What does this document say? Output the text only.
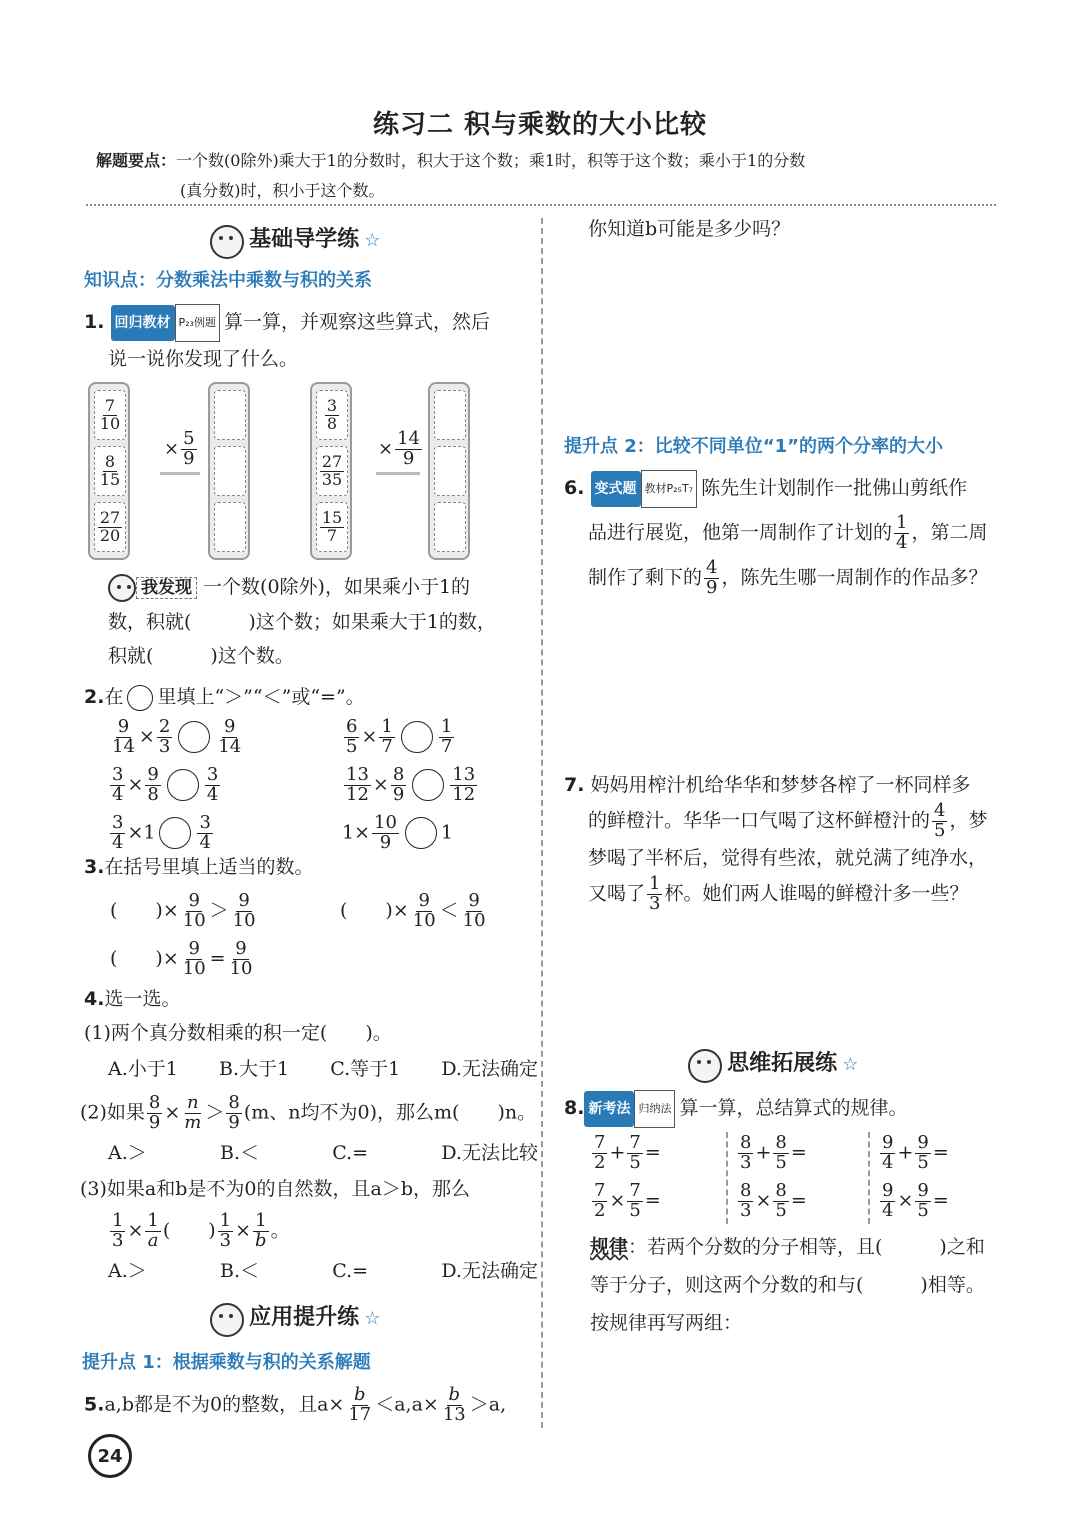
练习二 积与乘数的大小比较
解题要点：一个数(0除外)乘大于1的分数时，积大于这个数；乘1时，积等于这个数；乘小于1的分数
(真分数)时，积小于这个数。
基础导学练 ☆
知识点：分数乘法中乘数与积的关系
1. 回归教材 P₂₃例题 算一算，并观察这些算式，然后
说一说你发现了什么。
$\frac{7}{10}$
$\frac{8}{15}$
$\frac{27}{20}$
× $\frac{5}{9}$
$\frac{3}{8}$
$\frac{27}{35}$
$\frac{15}{7}$
× $\frac{14}{9}$
我发现 一个数(0除外)，如果乘小于1的
数，积就(　　　)这个数；如果乘大于1的数，
积就(　　　)这个数。
2.在 里填上“＞”“＜”或“=”。
$\frac{9}{14} \times \frac{2}{3} \frac{9}{14}$	$\frac{6}{5} \times \frac{1}{7} \frac{1}{7}$
$\frac{3}{4} \times \frac{9}{8} \frac{3}{4}$	$\frac{13}{12} \times \frac{8}{9} \frac{13}{12}$
$\frac{3}{4} \times 1 \frac{3}{4}$	$1\times \frac{10}{9} 1$
3.在括号里填上适当的数。
(　　)× $\frac{9}{10} > \frac{9}{10}$	(　　)× $\frac{9}{10} < \frac{9}{10}$
(　　)× $\frac{9}{10} = \frac{9}{10}$
4.选一选。
(1)两个真分数相乘的积一定(　　)。
A.小于1 B.大于1 C.等于1 D.无法确定
(2)如果 $\frac{8}{9} \times \frac{n}{m} > \frac{8}{9} (m$、n均不为0)，那么m(　　)n。
A.＞	B.＜	C.=	D.无法比较
(3)如果a和b是不为0的自然数，且a＞b，那么
$\frac{1}{3} \times \frac{1}{a}$ (　　) $\frac{1}{3} \times \frac{1}{b}$ 。
A.＞	B.＜	C.=	D.无法确定
应用提升练 ☆
提升点 1：根据乘数与积的关系解题
5.a,b都是不为0的整数，且$a\times \frac{b}{17} <a,a\times \frac{b}{13} >a$,
24
你知道b可能是多少吗？
提升点 2：比较不同单位“1”的两个分率的大小
6. 变式题 教材P₂₅T₇ 陈先生计划制作一批佛山剪纸作
品进行展览，他第一周制作了计划的 $\frac{1}{4}$ ，第二周
制作了剩下的 $\frac{4}{9}$ ，陈先生哪一周制作的作品多？
7. 妈妈用榨汁机给华华和梦梦各榨了一杯同样多
的鲜橙汁。华华一口气喝了这杯鲜橙汁的 $\frac{4}{5}$ ，梦
梦喝了半杯后，觉得有些浓，就兑满了纯净水，
又喝了 $\frac{1}{3}$ 杯。她们两人谁喝的鲜橙汁多一些？
思维拓展练 ☆
8. 新考法 归纳法 算一算，总结算式的规律。
$\frac{7}{2} + \frac{7}{5}$ =	$\frac{8}{3} + \frac{8}{5}$ =	$\frac{9}{4} + \frac{9}{5}$ =
$\frac{7}{2} \times \frac{7}{5}$ =	$\frac{8}{3} \times \frac{8}{5}$ =	$\frac{9}{4} \times \frac{9}{5}$ =
规律：若两个分数的分子相等，且(　　　)之和
等于分子，则这两个分数的和与(　　　)相等。
按规律再写两组：
